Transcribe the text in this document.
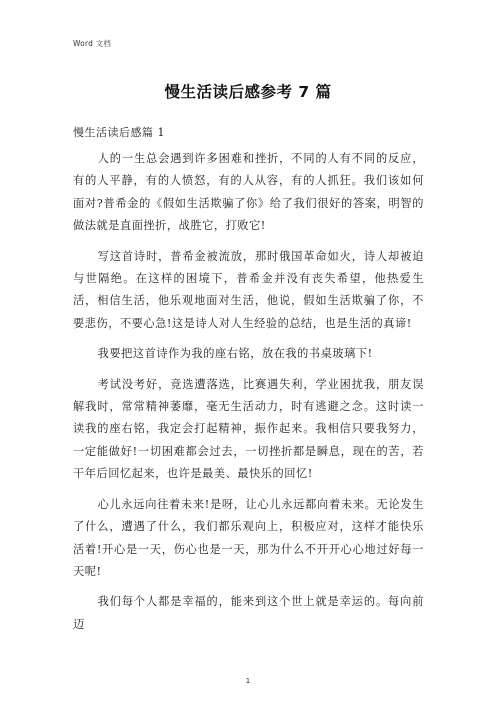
Word 文档
慢生活读后感参考 7 篇
慢生活读后感篇 1

人的一生总会遇到许多困难和挫折，不同的人有不同的反应，有的人平静，有的人愤怒，有的人从容，有的人抓狂。我们该如何面对?普希金的《假如生活欺骗了你》给了我们很好的答案，明智的做法就是直面挫折，战胜它，打败它!

写这首诗时，普希金被流放，那时俄国革命如火，诗人却被迫与世隔绝。在这样的困境下，普希金并没有丧失希望，他热爱生活，相信生活，他乐观地面对生活，他说，假如生活欺骗了你，不要悲伤，不要心急!这是诗人对人生经验的总结，也是生活的真谛!

我要把这首诗作为我的座右铭，放在我的书桌玻璃下!

考试没考好，竞选遭落选，比赛遇失利，学业困扰我，朋友误解我时，常常精神萎靡，毫无生活动力，时有逃避之念。这时读一读我的座右铭，我定会打起精神，振作起来。我相信只要我努力，一定能做好!一切困难都会过去，一切挫折都是瞬息，现在的苦，若干年后回忆起来，也许是最美、最快乐的回忆!

心儿永远向往着未来!是呀，让心儿永远都向着未来。无论发生了什么，遭遇了什么，我们都乐观向上，积极应对，这样才能快乐活着!开心是一天，伤心也是一天，那为什么不开开心心地过好每一天呢!

我们每个人都是幸福的，能来到这个世上就是幸运的。每向前迈

1
